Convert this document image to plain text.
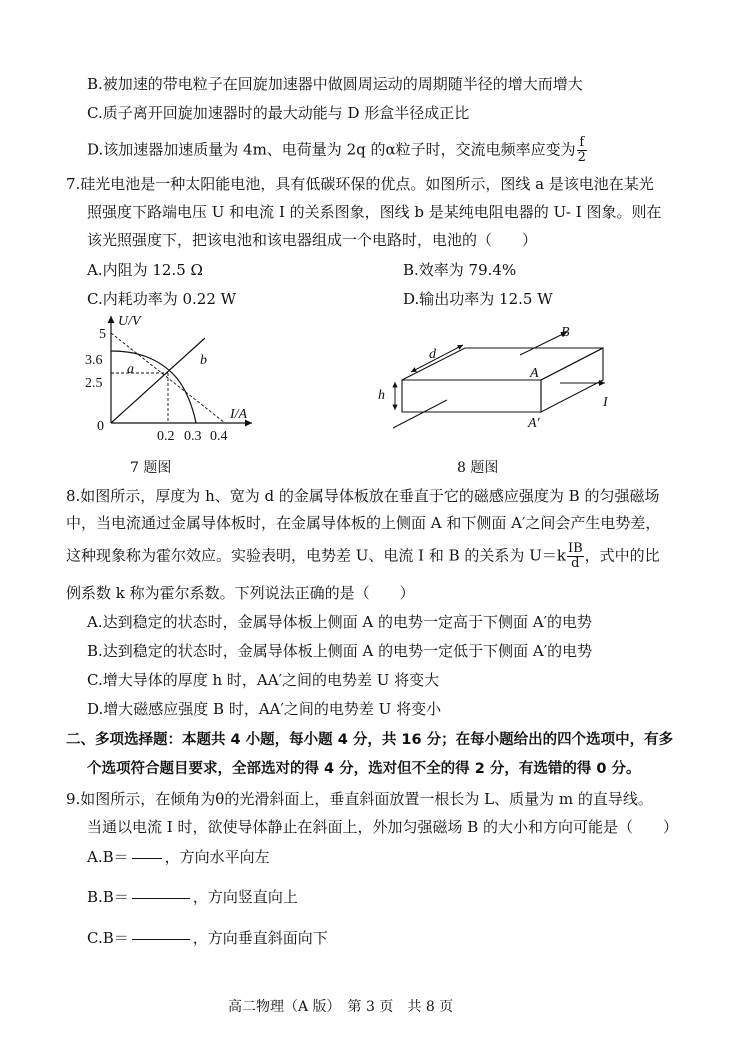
B.被加速的带电粒子在回旋加速器中做圆周运动的周期随半径的增大而增大
C.质子离开回旋加速器时的最大动能与 D 形盒半径成正比
D.该加速器加速质量为 4m、电荷量为 2q 的α粒子时，交流电频率应变为 $\frac{f}{2}$
7.硅光电池是一种太阳能电池，具有低碳环保的优点。如图所示，图线 a 是该电池在某光
照强度下路端电压 U 和电流 I 的关系图象，图线 b 是某纯电阻电器的 U- I 图象。则在
该光照强度下，把该电池和该电器组成一个电路时，电池的（　　）
A.内阻为 12.5 Ω	B.效率为 79.4%
C.内耗功率为 0.22 W	D.输出功率为 12.5 W
U/V
I/A
5
3.6
2.5
0
0.2 0.3 0.4
a
b
7 题图
B
d
h
A
A′
I
8 题图
8.如图所示，厚度为 h、宽为 d 的金属导体板放在垂直于它的磁感应强度为 B 的匀强磁场
中，当电流通过金属导体板时，在金属导体板的上侧面 A 和下侧面 A′之间会产生电势差，
这种现象称为霍尔效应。实验表明，电势差 U、电流 I 和 B 的关系为 $U=k \frac{IB}{d}$ ，式中的比
例系数 k 称为霍尔系数。下列说法正确的是（　　）
A.达到稳定的状态时，金属导体板上侧面 A 的电势一定高于下侧面 A′的电势
B.达到稳定的状态时，金属导体板上侧面 A 的电势一定低于下侧面 A′的电势
C.增大导体的厚度 h 时，AA′之间的电势差 U 将变大
D.增大磁感应强度 B 时，AA′之间的电势差 U 将变小
二、多项选择题：本题共 4 小题，每小题 4 分，共 16 分；在每小题给出的四个选项中，有多
个选项符合题目要求，全部选对的得 4 分，选对但不全的得 2 分，有选错的得 0 分。
9.如图所示，在倾角为θ的光滑斜面上，垂直斜面放置一根长为 L、质量为 m 的直导线。
当通以电流 I 时，欲使导体静止在斜面上，外加匀强磁场 B 的大小和方向可能是（　　）
A.B＝ ，方向水平向左
B.B＝	，方向竖直向上
C.B＝	，方向垂直斜面向下
高二物理（A 版）　第 3 页　共 8 页
